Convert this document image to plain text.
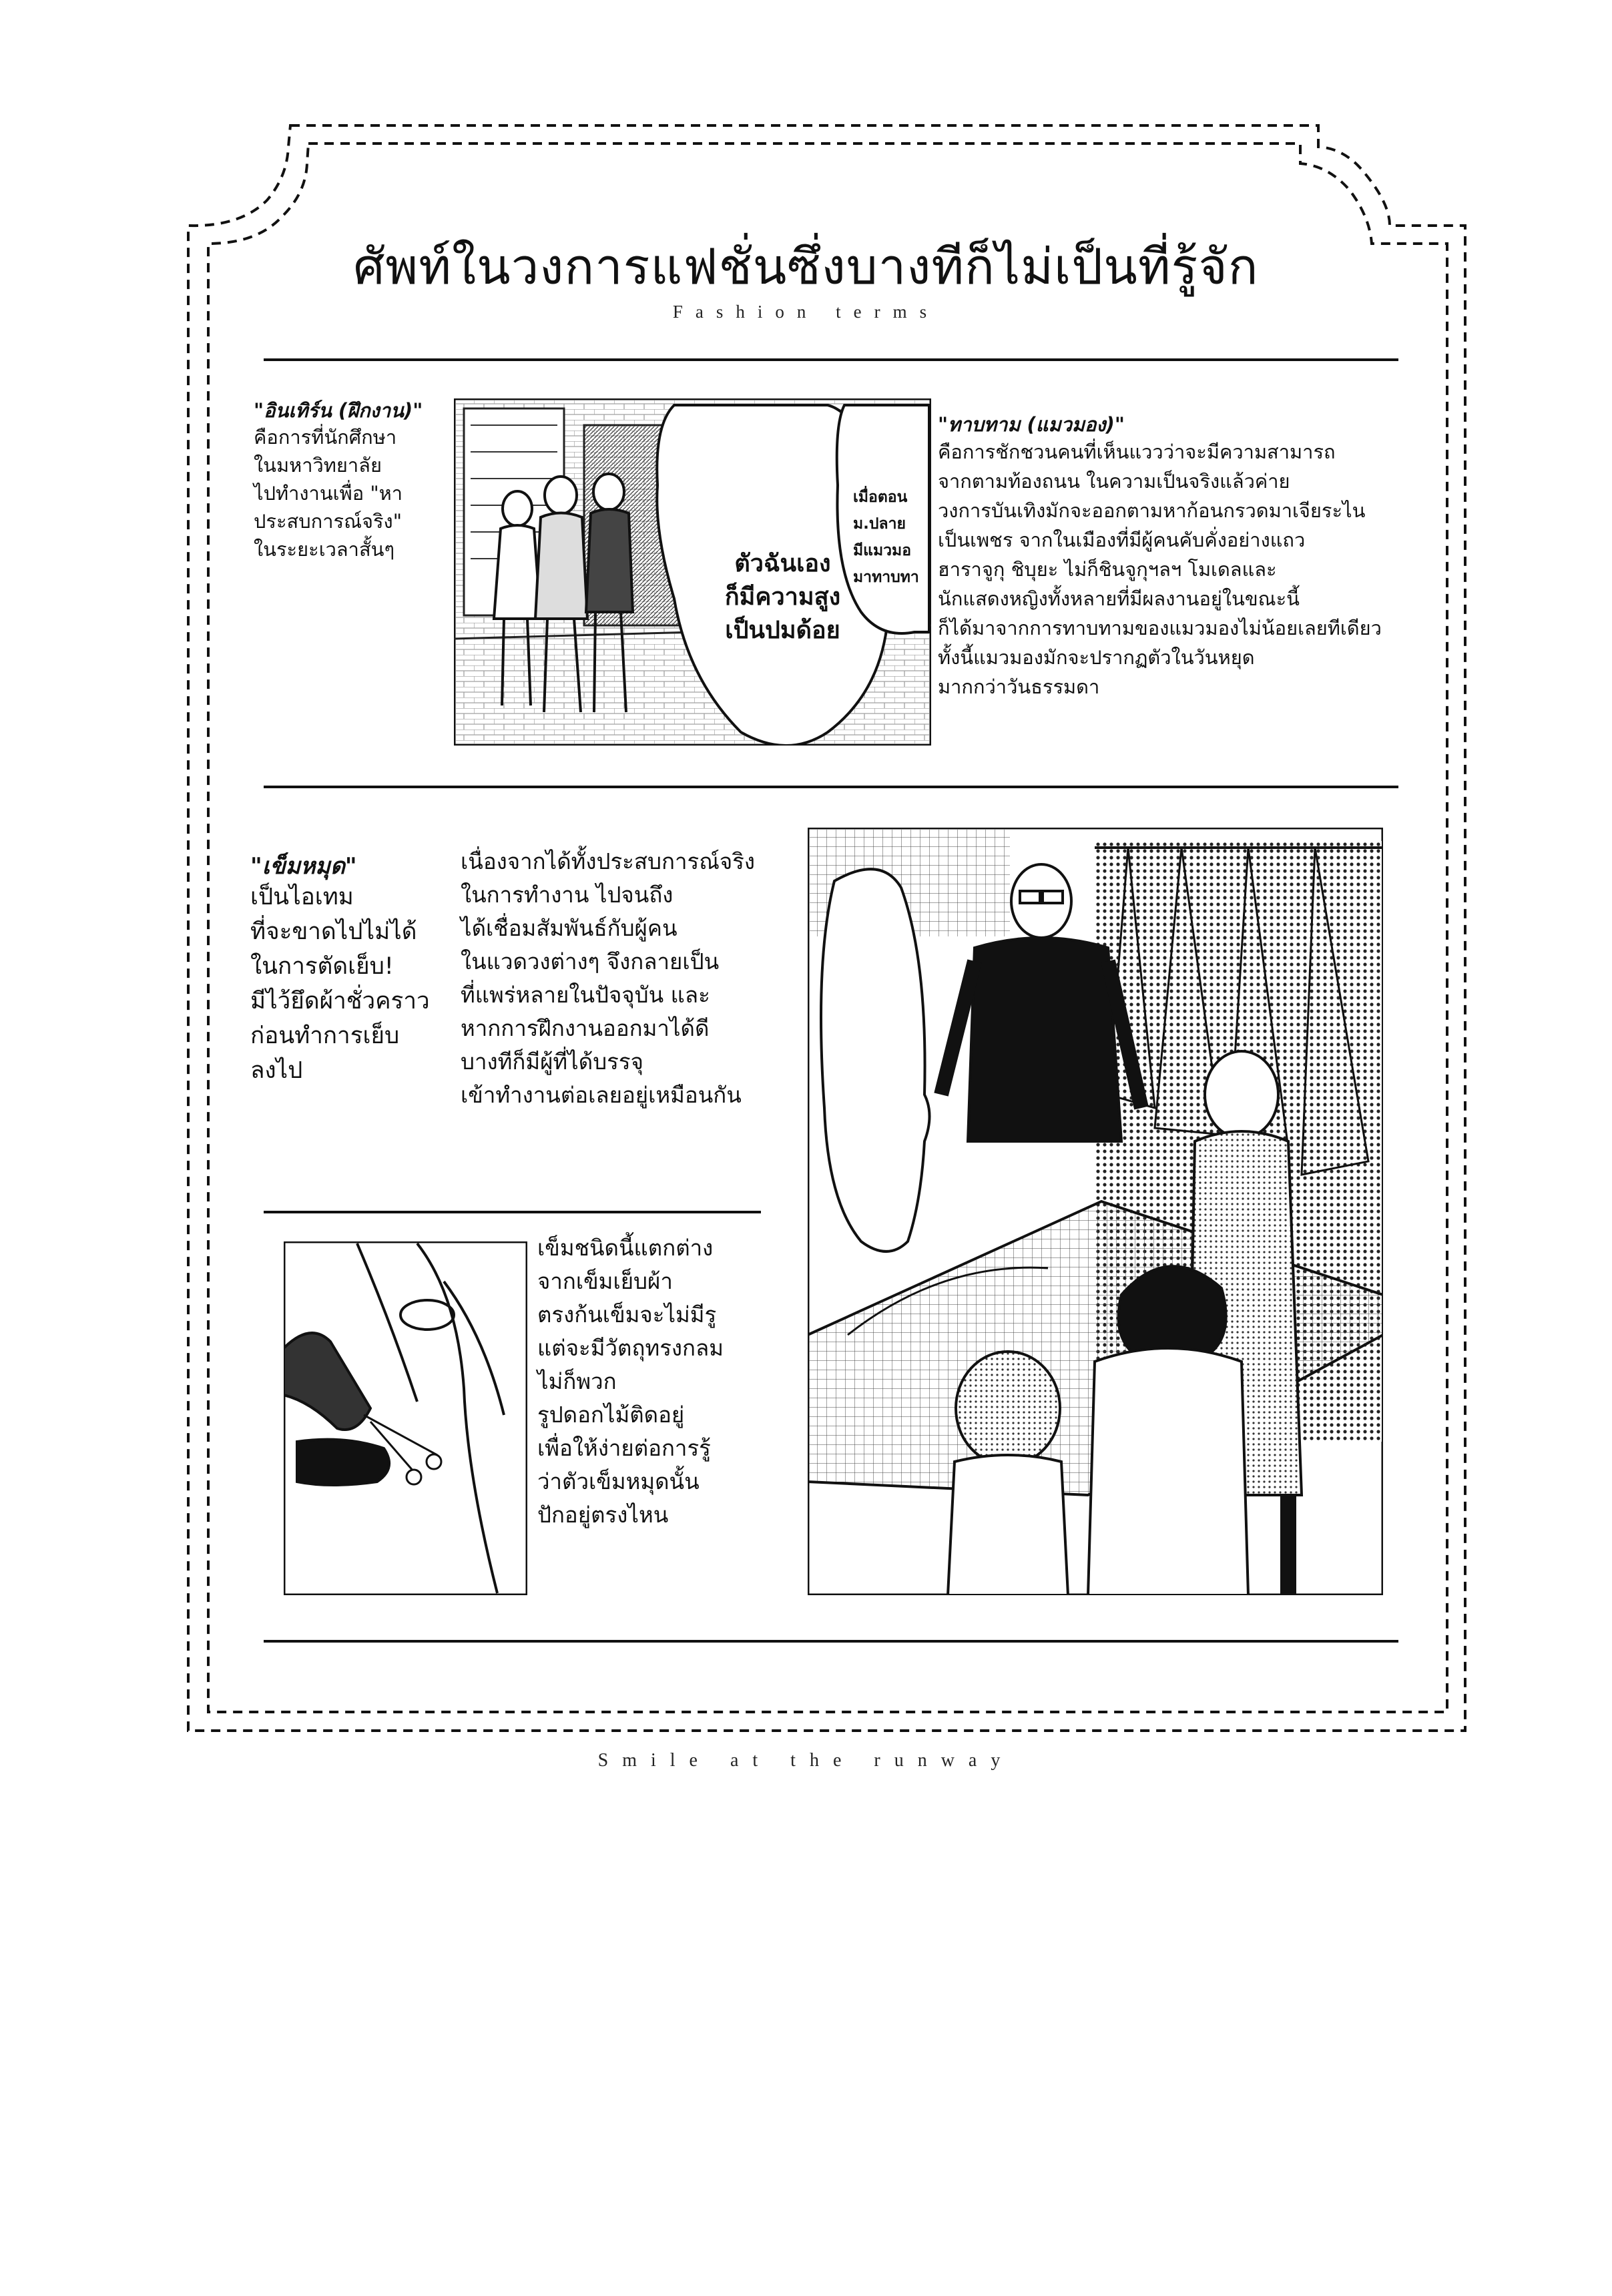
ศัพท์ในวงการแฟชั่นซึ่งบางทีก็ไม่เป็นที่รู้จัก
Fashion terms
"อินเทิร์น (ฝึกงาน)"
คือการที่นักศึกษา
ในมหาวิทยาลัย
ไปทำงานเพื่อ "หา
ประสบการณ์จริง"
ในระยะเวลาสั้นๆ
ตัวฉันเอง
ก็มีความสูง
เป็นปมด้อย
เมื่อตอน
ม.ปลาย
มีแมวมอ
มาทาบทา
"ทาบทาม (แมวมอง)"
คือการชักชวนคนที่เห็นแววว่าจะมีความสามารถ
จากตามท้องถนน ในความเป็นจริงแล้วค่าย
วงการบันเทิงมักจะออกตามหาก้อนกรวดมาเจียระไน
เป็นเพชร จากในเมืองที่มีผู้คนคับคั่งอย่างแถว
ฮาราจูกุ ชิบุยะ ไม่ก็ชินจูกุฯลฯ โมเดลและ
นักแสดงหญิงทั้งหลายที่มีผลงานอยู่ในขณะนี้
ก็ได้มาจากการทาบทามของแมวมองไม่น้อยเลยทีเดียว
ทั้งนี้แมวมองมักจะปรากฏตัวในวันหยุด
มากกว่าวันธรรมดา
"เข็มหมุด"
เป็นไอเทม
ที่จะขาดไปไม่ได้
ในการตัดเย็บ!
มีไว้ยึดผ้าชั่วคราว
ก่อนทำการเย็บ
ลงไป
เนื่องจากได้ทั้งประสบการณ์จริง
ในการทำงาน ไปจนถึง
ได้เชื่อมสัมพันธ์กับผู้คน
ในแวดวงต่างๆ จึงกลายเป็น
ที่แพร่หลายในปัจจุบัน และ
หากการฝึกงานออกมาได้ดี
บางทีก็มีผู้ที่ได้บรรจุ
เข้าทำงานต่อเลยอยู่เหมือนกัน
เข็มชนิดนี้แตกต่าง
จากเข็มเย็บผ้า
ตรงก้นเข็มจะไม่มีรู
แต่จะมีวัตถุทรงกลม
ไม่ก็พวก
รูปดอกไม้ติดอยู่
เพื่อให้ง่ายต่อการรู้
ว่าตัวเข็มหมุดนั้น
ปักอยู่ตรงไหน
Smile at the runway
